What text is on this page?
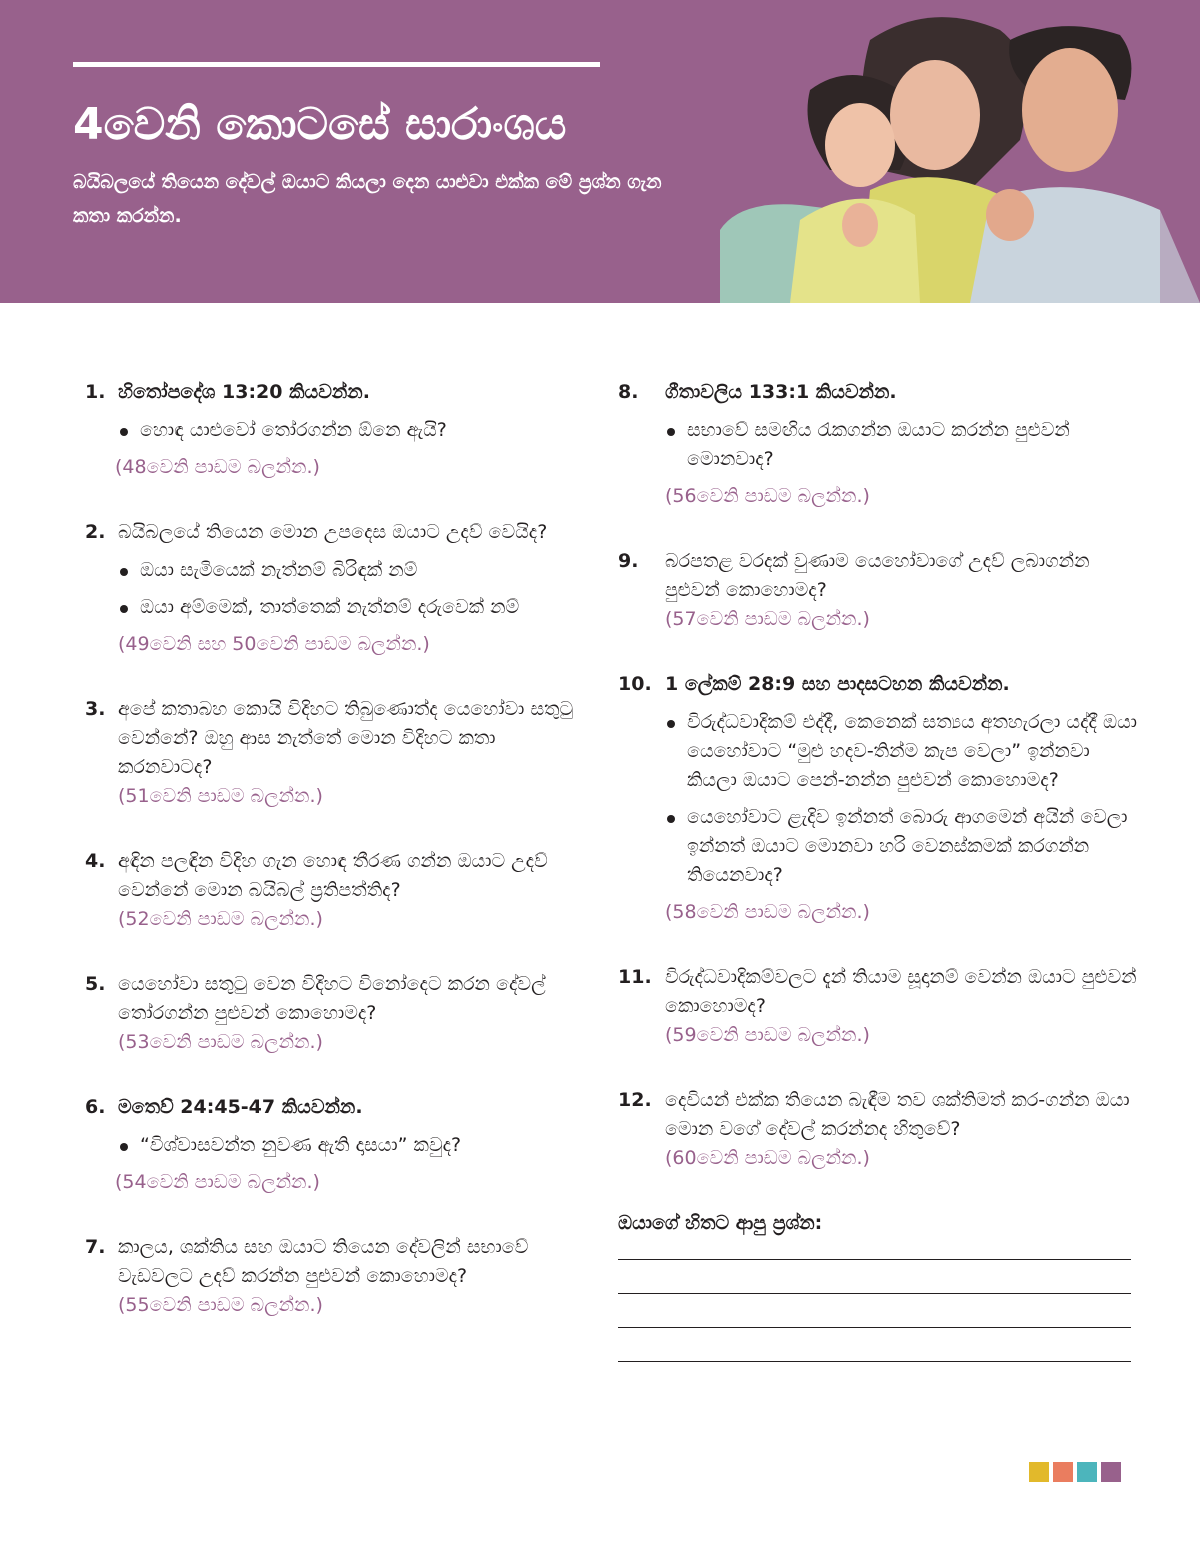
4වෙනි කොටසේ සාරාංශය

බයිබලයේ තියෙන දේවල් ඔයාට කියලා දෙන යාළුවා එක්ක මේ ප්‍රශ්න ගැන කතා කරන්න.

1. හිතෝපදේශ 13:20 කියවන්න.
හොඳ යාළුවෝ තෝරගන්න ඕනෙ ඇයි?
(48වෙනි පාඩම බලන්න.)
2. බයිබලයේ තියෙන මොන උපදෙස ඔයාට උදව් වෙයිද?
ඔයා සැමියෙක් නැත්නම් බිරිඳක් නම්
ඔයා අම්මෙක්, තාත්තෙක් නැත්නම් දරුවෙක් නම්
(49වෙනි සහ 50වෙනි පාඩම බලන්න.)
3. අපේ කතාබහ කොයි විදිහට තිබුණොත්ද යෙහෝවා සතුටු වෙන්නේ? ඔහු ආස නැත්තේ මොන විදිහට කතා කරනවාටද?
(51වෙනි පාඩම බලන්න.)
4. අඳින පලඳින විදිහ ගැන හොඳ තීරණ ගන්න ඔයාට උදව් වෙන්නේ මොන බයිබල් ප්‍රතිපත්තිද?
(52වෙනි පාඩම බලන්න.)
5. යෙහෝවා සතුටු වෙන විදිහට විනෝදෙට කරන දේවල් තෝරගන්න පුළුවන් කොහොමද?
(53වෙනි පාඩම බලන්න.)
6. මතෙව් 24:45-47 කියවන්න.
“විශ්වාසවන්ත නුවණ ඇති දාසයා” කවුද?
(54වෙනි පාඩම බලන්න.)
7. කාලය, ශක්තිය සහ ඔයාට තියෙන දේවලින් සභාවේ වැඩවලට උදව් කරන්න පුළුවන් කොහොමද?
(55වෙනි පාඩම බලන්න.)
8.	ගීතාවලිය 133:1 කියවන්න.
සභාවේ සමඟිය රැකගන්න ඔයාට කරන්න පුළුවන් මොනවාද?
(56වෙනි පාඩම බලන්න.)
9.	බරපතළ වරදක් වුණාම යෙහෝවාගේ උදව් ලබාගන්න පුළුවන් කොහොමද?
(57වෙනි පාඩම බලන්න.)
10. 1 ලේකම් 28:9 සහ පාදසටහන කියවන්න.
විරුද්ධවාදිකම් එද්දී, කෙනෙක් සත්‍යය අතහැරලා යද්දී ඔයා යෙහෝවාට “මුළු හදව-තින්ම කැප වෙලා” ඉන්නවා කියලා ඔයාට පෙන්-නන්න පුළුවන් කොහොමද?
යෙහෝවාට ළැදිව ඉන්නත් බොරු ආගමෙන් අයින් වෙලා ඉන්නත් ඔයාට මොනවා හරි වෙනස්කමක් කරගන්න තියෙනවාද?
(58වෙනි පාඩම බලන්න.)
11. විරුද්ධවාදිකම්වලට දැන් තියාම සූදානම් වෙන්න ඔයාට පුළුවන් කොහොමද?
(59වෙනි පාඩම බලන්න.)
12. දෙවියන් එක්ක තියෙන බැඳීම තව ශක්තිමත් කර-ගන්න ඔයා මොන වගේ දේවල් කරන්නද හිතුවේ?
(60වෙනි පාඩම බලන්න.)
ඔයාගේ හිතට ආපු ප්‍රශ්න:
